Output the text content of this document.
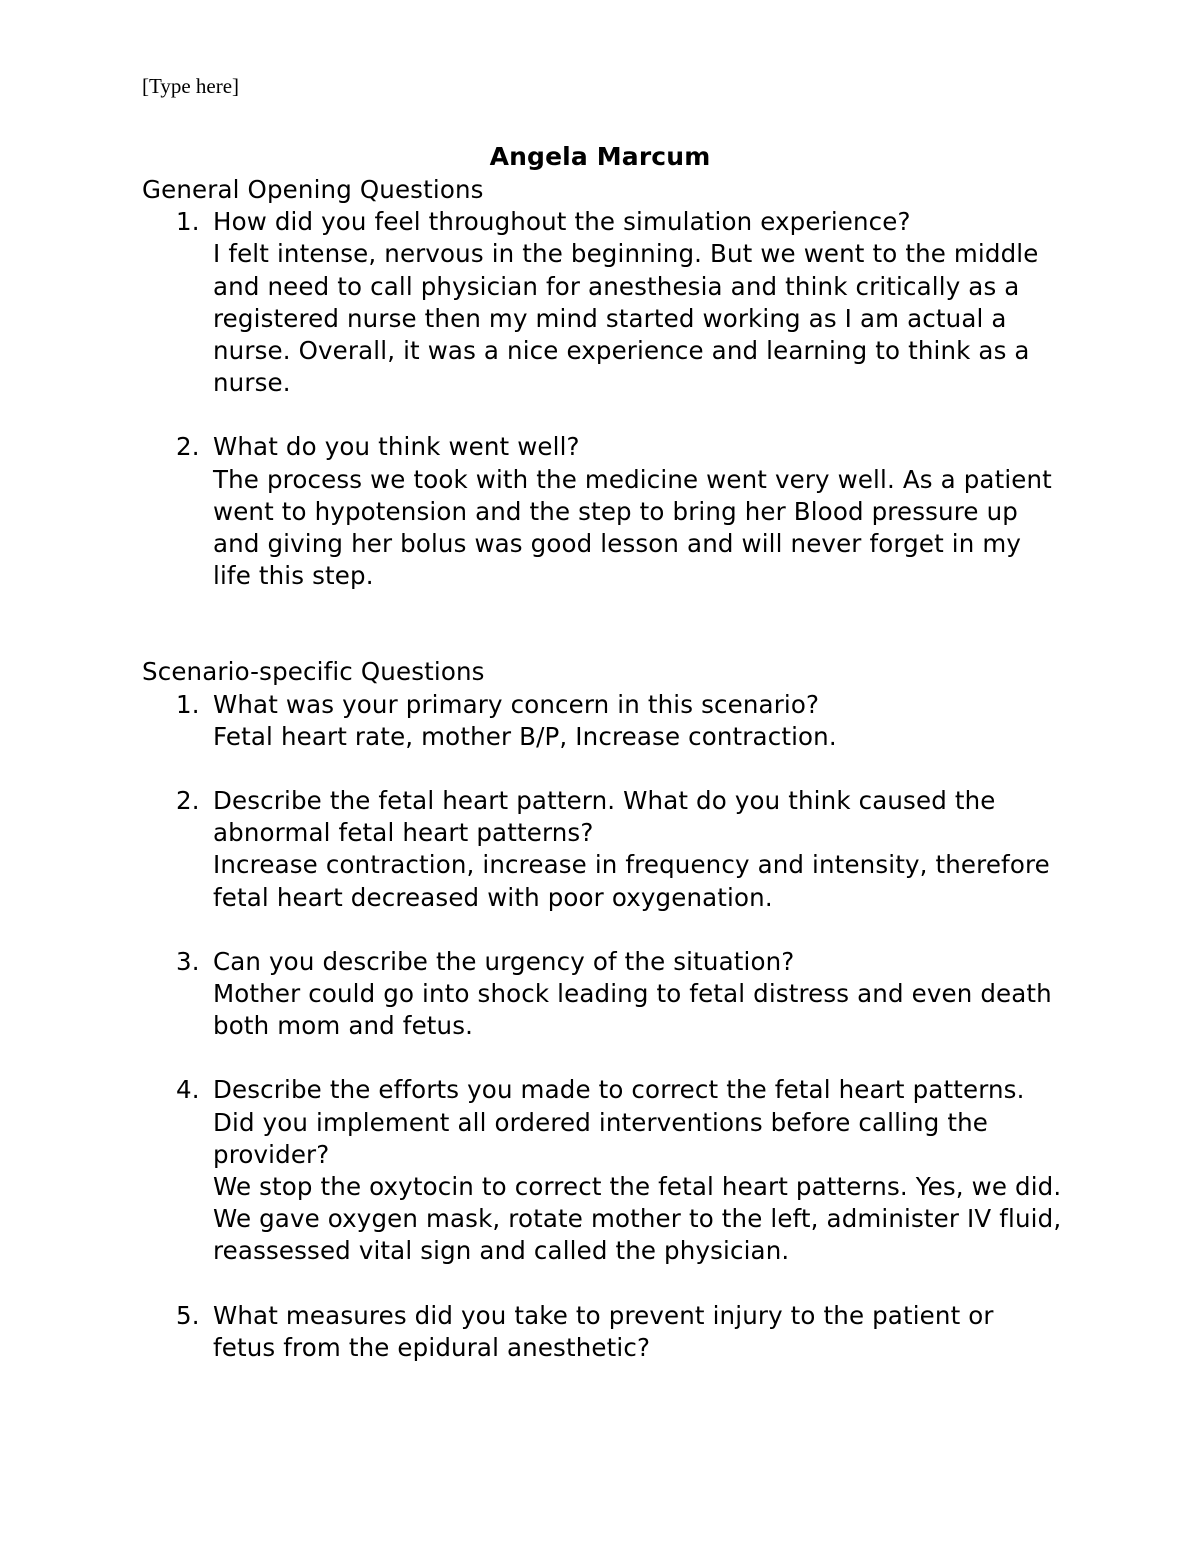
[Type here]
Angela Marcum
General Opening Questions
1. How did you feel throughout the simulation experience?
I felt intense, nervous in the beginning. But we went to the middle and need to call physician for anesthesia and think critically as a registered nurse then my mind started working as I am actual a nurse. Overall, it was a nice experience and learning to think as a nurse.
2. What do you think went well?
The process we took with the medicine went very well. As a patient went to hypotension and the step to bring her Blood pressure up and giving her bolus was good lesson and will never forget in my life this step.
Scenario-specific Questions
1. What was your primary concern in this scenario?
Fetal heart rate, mother B/P, Increase contraction.
2. Describe the fetal heart pattern. What do you think caused the abnormal fetal heart patterns?
Increase contraction, increase in frequency and intensity, therefore fetal heart decreased with poor oxygenation.
3. Can you describe the urgency of the situation?
Mother could go into shock leading to fetal distress and even death both mom and fetus.
4. Describe the efforts you made to correct the fetal heart patterns. Did you implement all ordered interventions before calling the provider?
We stop the oxytocin to correct the fetal heart patterns. Yes, we did. We gave oxygen mask, rotate mother to the left, administer IV fluid, reassessed vital sign and called the physician.
5. What measures did you take to prevent injury to the patient or fetus from the epidural anesthetic?
